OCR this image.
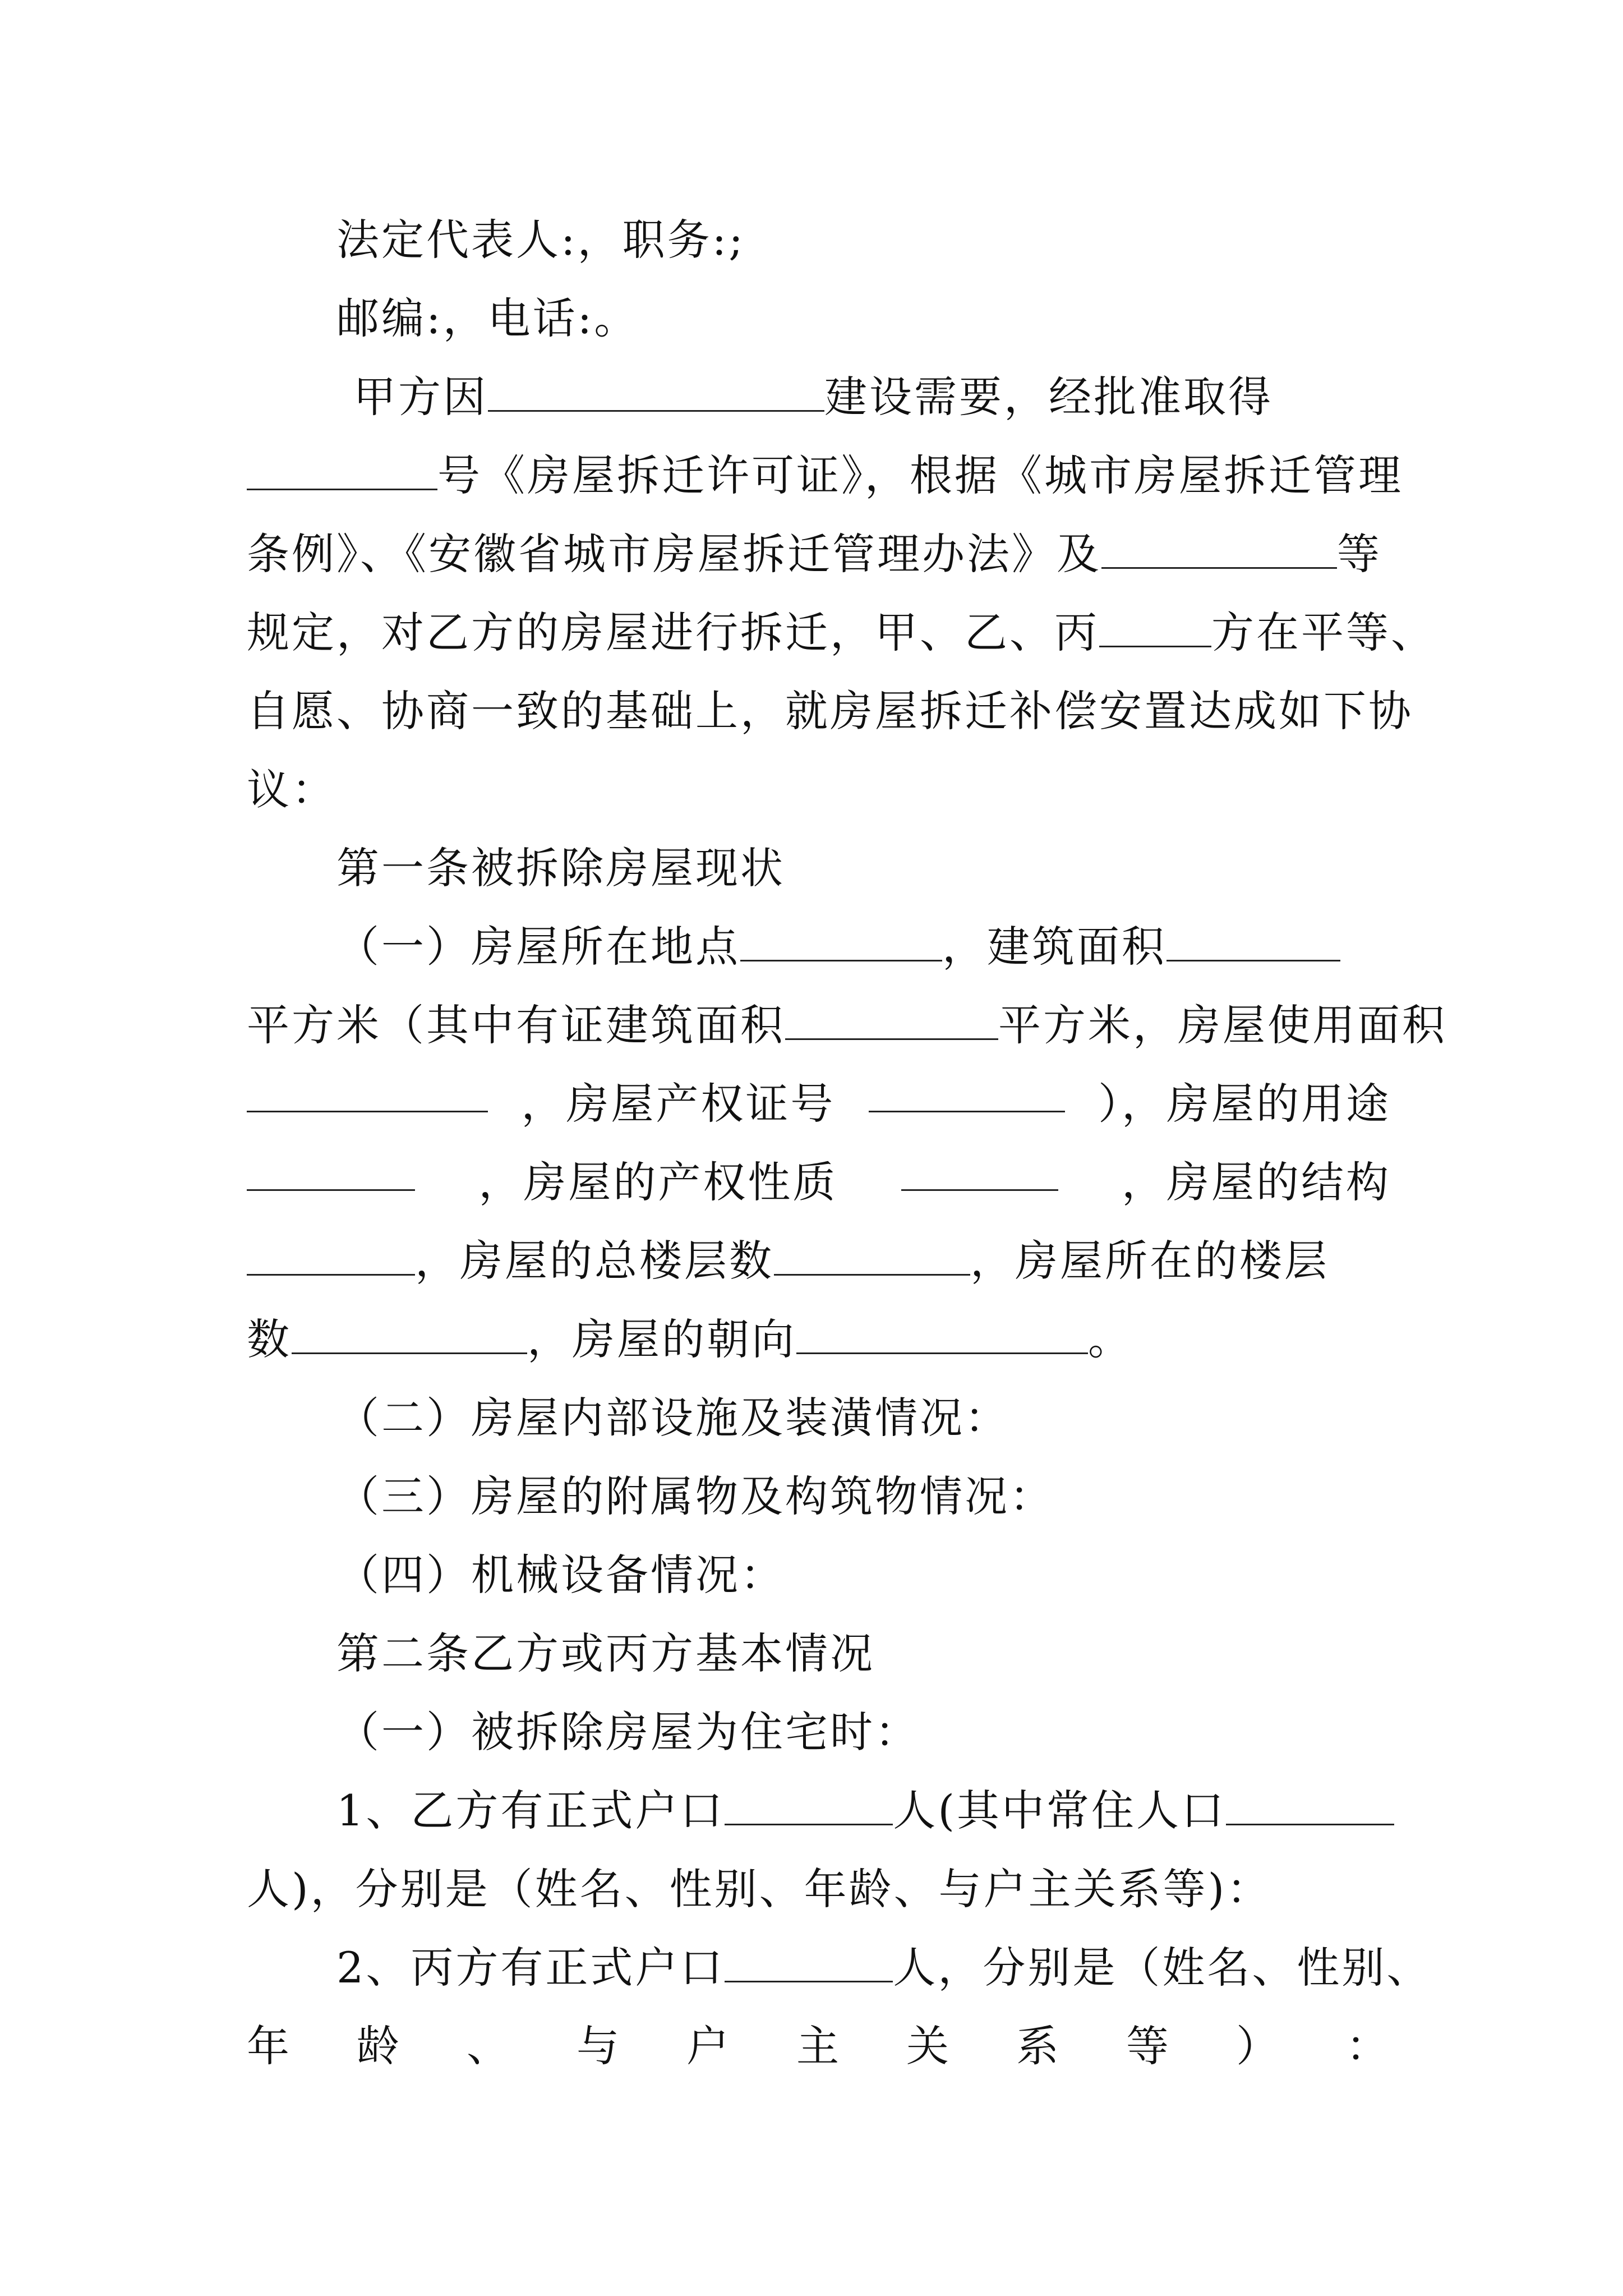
法定代表人:，职务:;
邮编:，电话:。
甲方因	建设需要，经批准取得
号《房屋拆迁许可证》，根据《城市房屋拆迁管理
条例》、《安徽省城市房屋拆迁管理办法》及	等
规定，对乙方的房屋进行拆迁，甲、乙、丙	方在平等、
自愿、协商一致的基础上，就房屋拆迁补偿安置达成如下协
议：
第一条被拆除房屋现状
（一）房屋所在地点	，建筑面积
平方米（其中有证建筑面积	平方米，房屋使用面积
，房屋产权证号	），房屋的用途
，房屋的产权性质	，房屋的结构
，房屋的总楼层数	，房屋所在的楼层
数	，房屋的朝向	。
（二）房屋内部设施及装潢情况：
（三）房屋的附属物及构筑物情况：
（四）机械设备情况：
第二条乙方或丙方基本情况
（一）被拆除房屋为住宅时：
1、乙方有正式户口	人(其中常住人口
人)，分别是（姓名、性别、年龄、与户主关系等)：
2、丙方有正式户口	人，分别是（姓名、性别、
年 龄 、 与 户 主 关 系 等 ） ：
